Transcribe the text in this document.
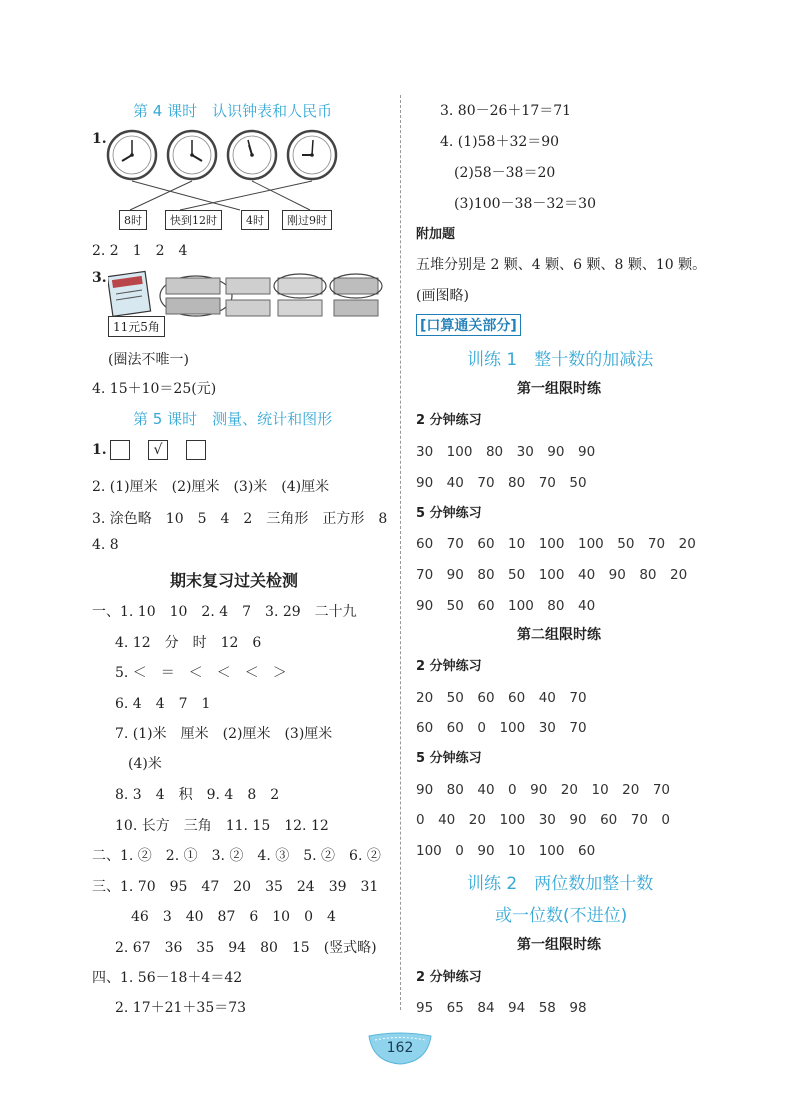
第 4 课时　认识钟表和人民币
1.
8时	快到12时	4时	刚过9时
2. 2　1　2　4
3.
11元5角
(圈法不唯一)
4. 15＋10＝25(元)
第 5 课时　测量、统计和图形
1.	√
2. (1)厘米　(2)厘米　(3)米　(4)厘米
3. 涂色略　10　5　4　2　三角形　正方形　8
4. 8
期末复习过关检测
一、1. 10　10　2. 4　7　3. 29　二十九
4. 12　分　时　12　6
5. ＜　＝　＜　＜　＜　＞
6. 4　4　7　1
7. (1)米　厘米　(2)厘米　(3)厘米
(4)米
8. 3　4　积　9. 4　8　2
10. 长方　三角　11. 15　12. 12
二、1. ②　2. ①　3. ②　4. ③　5. ②　6. ②
三、1. 70　95　47　20　35　24　39　31
46　3　40　87　6　10　0　4
2. 67　36　35　94　80　15　(竖式略)
四、1. 56－18＋4＝42
2. 17＋21＋35＝73
3. 80－26＋17＝71
4. (1)58＋32＝90
(2)58－38＝20
(3)100－38－32＝30
附加题
五堆分别是 2 颗、4 颗、6 颗、8 颗、10 颗。
(画图略)
[口算通关部分]
训练 1　整十数的加减法
第一组限时练
2 分钟练习
30　100　80　30　90　90
90　40　70　80　70　50
5 分钟练习
60　70　60　10　100　100　50　70　20
70　90　80　50　100　40　90　80　20
90　50　60　100　80　40
第二组限时练
2 分钟练习
20　50　60　60　40　70
60　60　0　100　30　70
5 分钟练习
90　80　40　0　90　20　10　20　70
0　40　20　100　30　90　60　70　0
100　0　90　10　100　60
训练 2　两位数加整十数
或一位数(不进位)
第一组限时练
2 分钟练习
95　65　84　94　58　98
162
